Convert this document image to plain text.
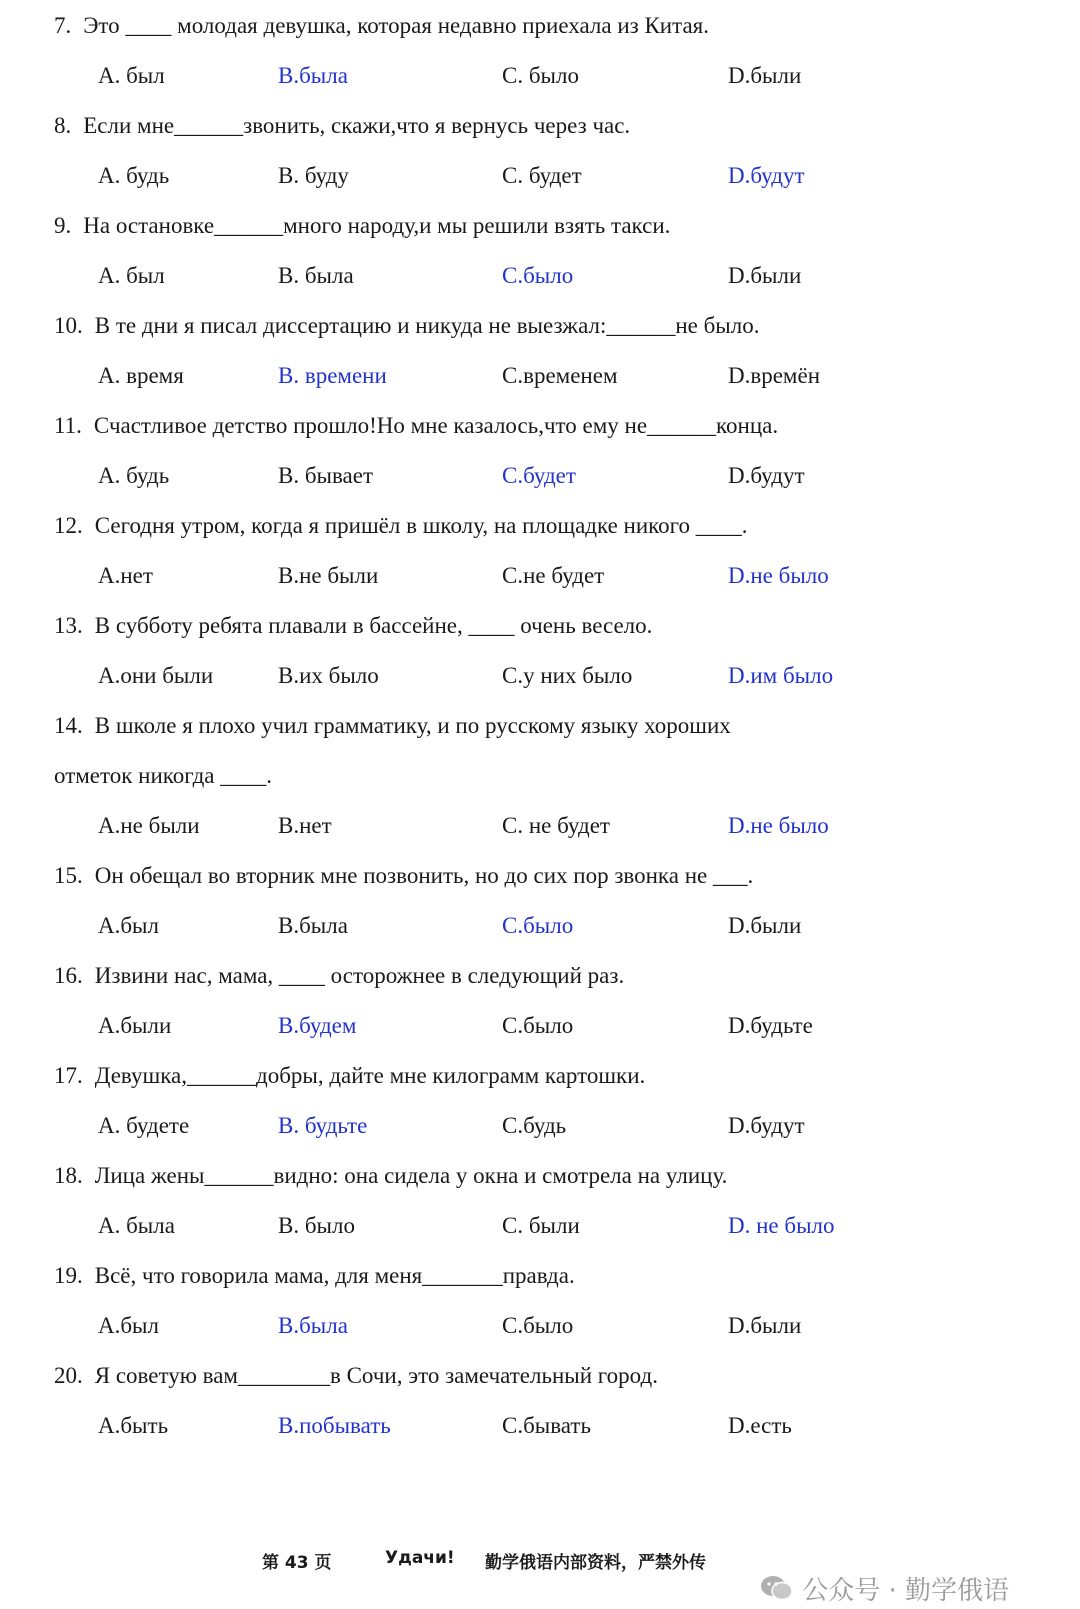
7. Это ____ молодая девушка, которая недавно приехала из Китая.
A. был	B.была	C. было	D.были
8. Если мне______звонить, скажи,что я вернусь через час.
A. будь	B. буду	C. будет	D.будут
9. На остановке______много народу,и мы решили взять такси.
A. был	B. была	C.было	D.были
10. В те дни я писал диссертацию и никуда не выезжал:______не было.
A. время	B. времени	C.временем	D.времён
11. Счастливое детство прошло!Но мне казалось,что ему не______конца.
A. будь	B. бывает	C.будет	D.будут
12. Сегодня утром, когда я пришёл в школу, на площадке никого ____.
A.нет	B.не были	C.не будет	D.не было
13. В субботу ребята плавали в бассейне, ____ очень весело.
A.они были	B.их было	C.у них было	D.им было
14. В школе я плохо учил грамматику, и по русскому языку хороших
отметок никогда ____.
A.не были	B.нет	C. не будет	D.не было
15. Он обещал во вторник мне позвонить, но до сих пор звонка не ___.
A.был	B.была	C.было	D.были
16. Извини нас, мама, ____ осторожнее в следующий раз.
A.были	B.будем	C.было	D.будьте
17. Девушка,______добры, дайте мне килограмм картошки.
A. будете	B. будьте	C.будь	D.будут
18. Лица жены______видно: она сидела у окна и смотрела на улицу.
A. была	B. было	C. были	D. не было
19. Всё, что говорила мама, для меня_______правда.
A.был	B.была	C.было	D.были
20. Я советую вам________в Сочи, это замечательный город.
A.быть	B.побывать	C.бывать	D.есть
第 43 页	Удачи! 勤学俄语内部资料，严禁外传
公众号 · 勤学俄语
